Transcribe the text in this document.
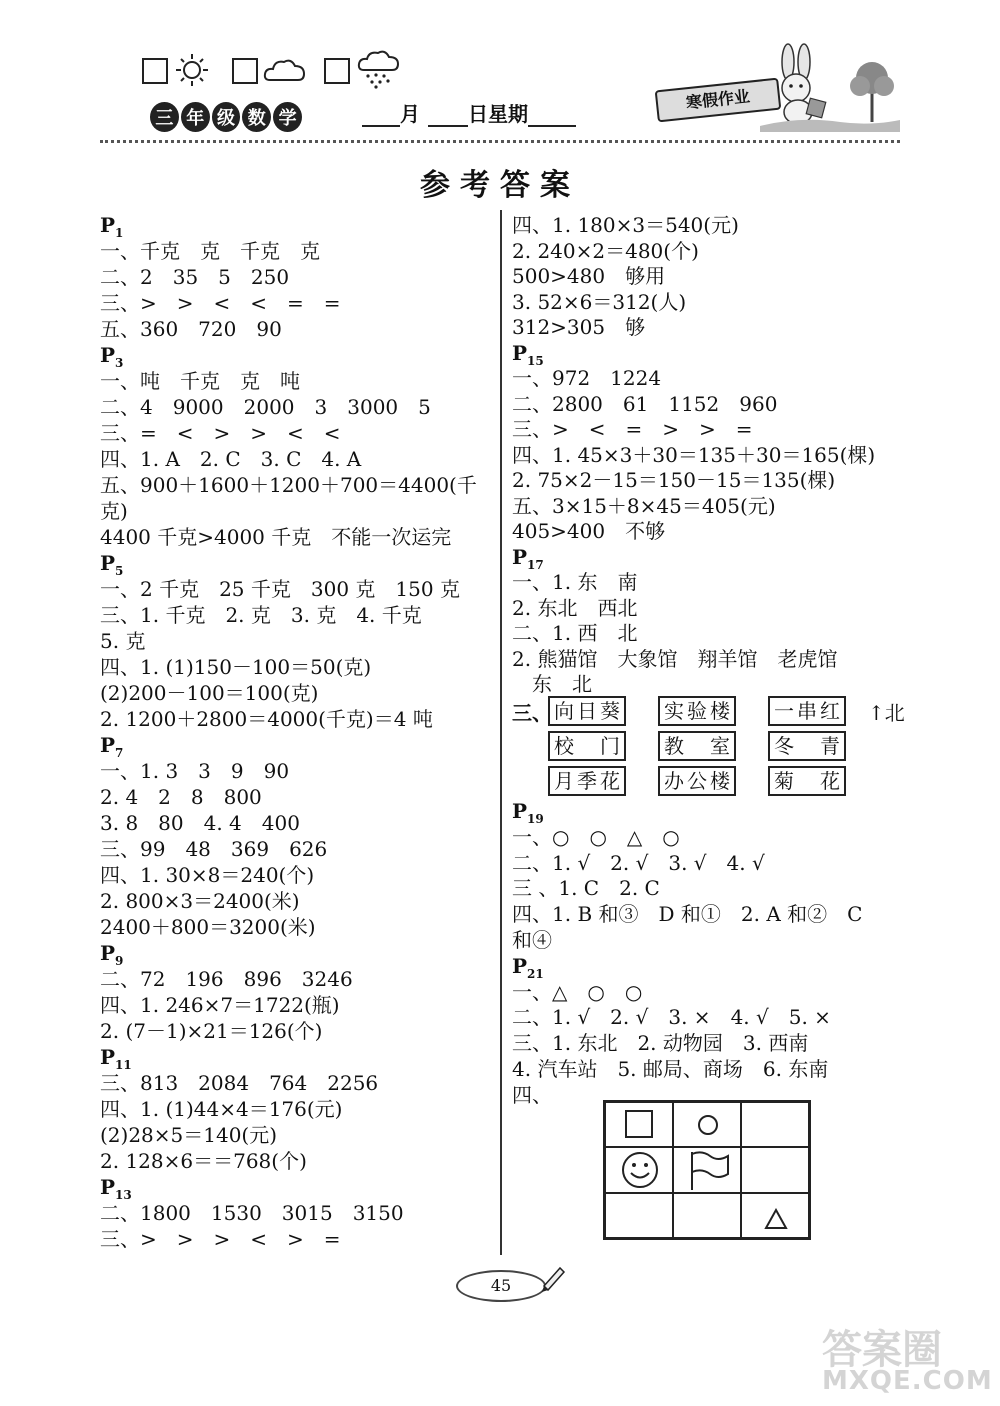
三 年 级 数 学	月 日星期
寒假作业
参考答案
$P_1$
一、千克　克　千克　克
二、2　35　5　250
三、>　>　<　<　=　=
五、360　720　90
$P_3$
一、吨　千克　克　吨
二、4　9000　2000　3　3000　5
三、=　<　>　>　<　<
四、1. A　2. C　3. C　4. A
五、900＋1600＋1200＋700＝4400(千
克)
4400 千克>4000 千克　不能一次运完
$P_5$
一、2 千克　25 千克　300 克　150 克
三、1. 千克　2. 克　3. 克　4. 千克
5. 克
四、1. (1)150－100＝50(克)
(2)200－100＝100(克)
2. 1200＋2800＝4000(千克)＝4 吨
$P_7$
一、1. 3　3　9　90
2. 4　2　8　800
3. 8　80　4. 4　400
三、99　48　369　626
四、1. 30×8＝240(个)
2. 800×3＝2400(米)
2400＋800＝3200(米)
$P_9$
二、72　196　896　3246
四、1. 246×7＝1722(瓶)
2. (7－1)×21＝126(个)
$P_{11}$
三、813　2084　764　2256
四、1. (1)44×4＝176(元)
(2)28×5＝140(元)
2. 128×6＝＝768(个)
$P_{13}$
二、1800　1530　3015　3150
三、>　>　>　<　>　=
四、1. 180×3＝540(元)
2. 240×2＝480(个)
500>480　够用
3. 52×6＝312(人)
312>305　够
$P_{15}$
一、972　1224
二、2800　61　1152　960
三、>　<　=　>　>　=
四、1. 45×3＋30＝135＋30＝165(棵)
2. 75×2－15＝150－15＝135(棵)
五、3×15＋8×45＝405(元)
405>400　不够
$P_{17}$
一、1. 东　南
2. 东北　西北
二、1. 西　北
2. 熊猫馆　大象馆　翔羊馆　老虎馆
　东　北
三、 向日葵	实验楼	一串红	↑北
校　门	教　室	冬　青
月季花	办公楼	菊　花
$P_{19}$
一、○　○　△　○
二、1. √　2. √　3. √　4. √
三 、1. C　2. C
四、1. B 和③　D 和①　2. A 和②　C
和④
$P_{21}$
一、△　○　○
二、1. √　2. √　3. ×　4. √　5. ×
三、1. 东北　2. 动物园　3. 西南
4. 汽车站　5. 邮局、商场　6. 东南
四、
45
答案圈
MXQE.COM
